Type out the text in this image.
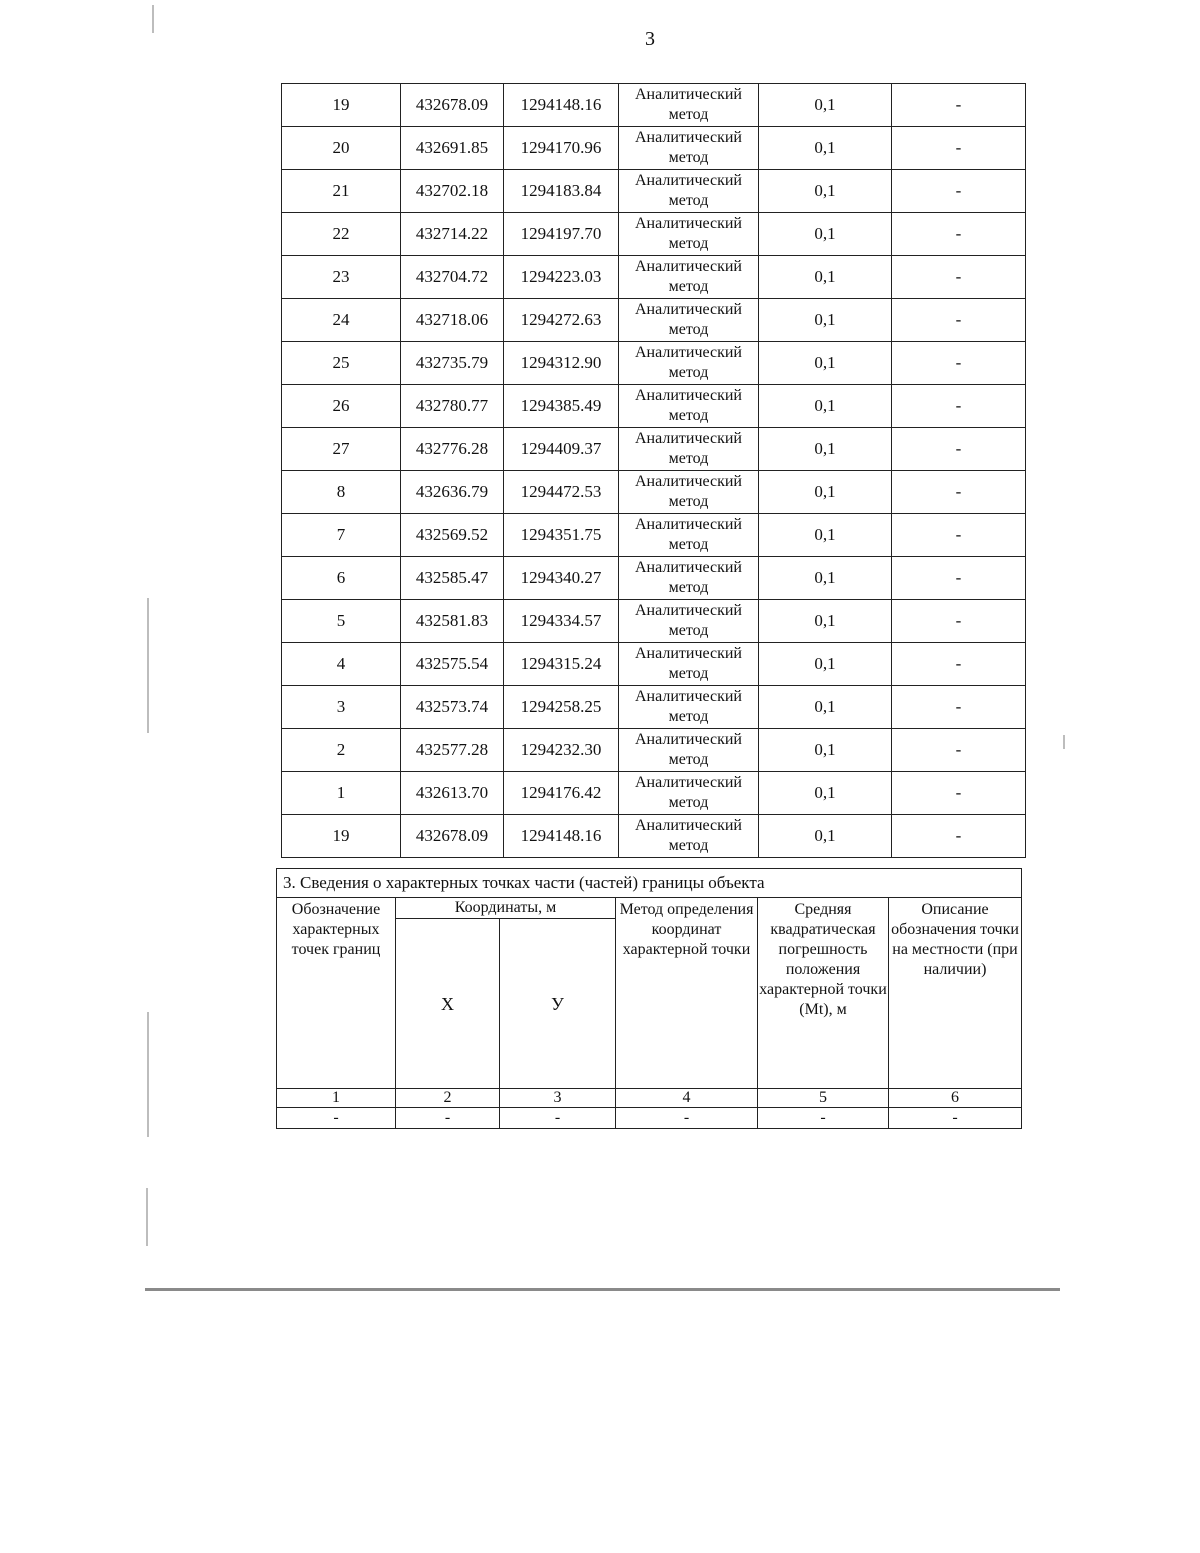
3
19	432678.09	1294148.16	Аналитический метод	0,1	-
20	432691.85	1294170.96	Аналитический метод	0,1	-
21	432702.18	1294183.84	Аналитический метод	0,1	-
22	432714.22	1294197.70	Аналитический метод	0,1	-
23	432704.72	1294223.03	Аналитический метод	0,1	-
24	432718.06	1294272.63	Аналитический метод	0,1	-
25	432735.79	1294312.90	Аналитический метод	0,1	-
26	432780.77	1294385.49	Аналитический метод	0,1	-
27	432776.28	1294409.37	Аналитический метод	0,1	-
8	432636.79	1294472.53	Аналитический метод	0,1	-
7	432569.52	1294351.75	Аналитический метод	0,1	-
6	432585.47	1294340.27	Аналитический метод	0,1	-
5	432581.83	1294334.57	Аналитический метод	0,1	-
4	432575.54	1294315.24	Аналитический метод	0,1	-
3	432573.74	1294258.25	Аналитический метод	0,1	-
2	432577.28	1294232.30	Аналитический метод	0,1	-
1	432613.70	1294176.42	Аналитический метод	0,1	-
19	432678.09	1294148.16	Аналитический метод	0,1	-
3. Сведения о характерных точках части (частей) границы объекта					
Обозначение характерных точек границ	Координаты, м		Метод определения координат характерной точки	Средняя квадратическая погрешность положения характерной точки (Mt), м	Описание обозначения точки на местности (при наличии)
	X	У			
1	2	3	4	5	6
-	-	-	-	-	-
